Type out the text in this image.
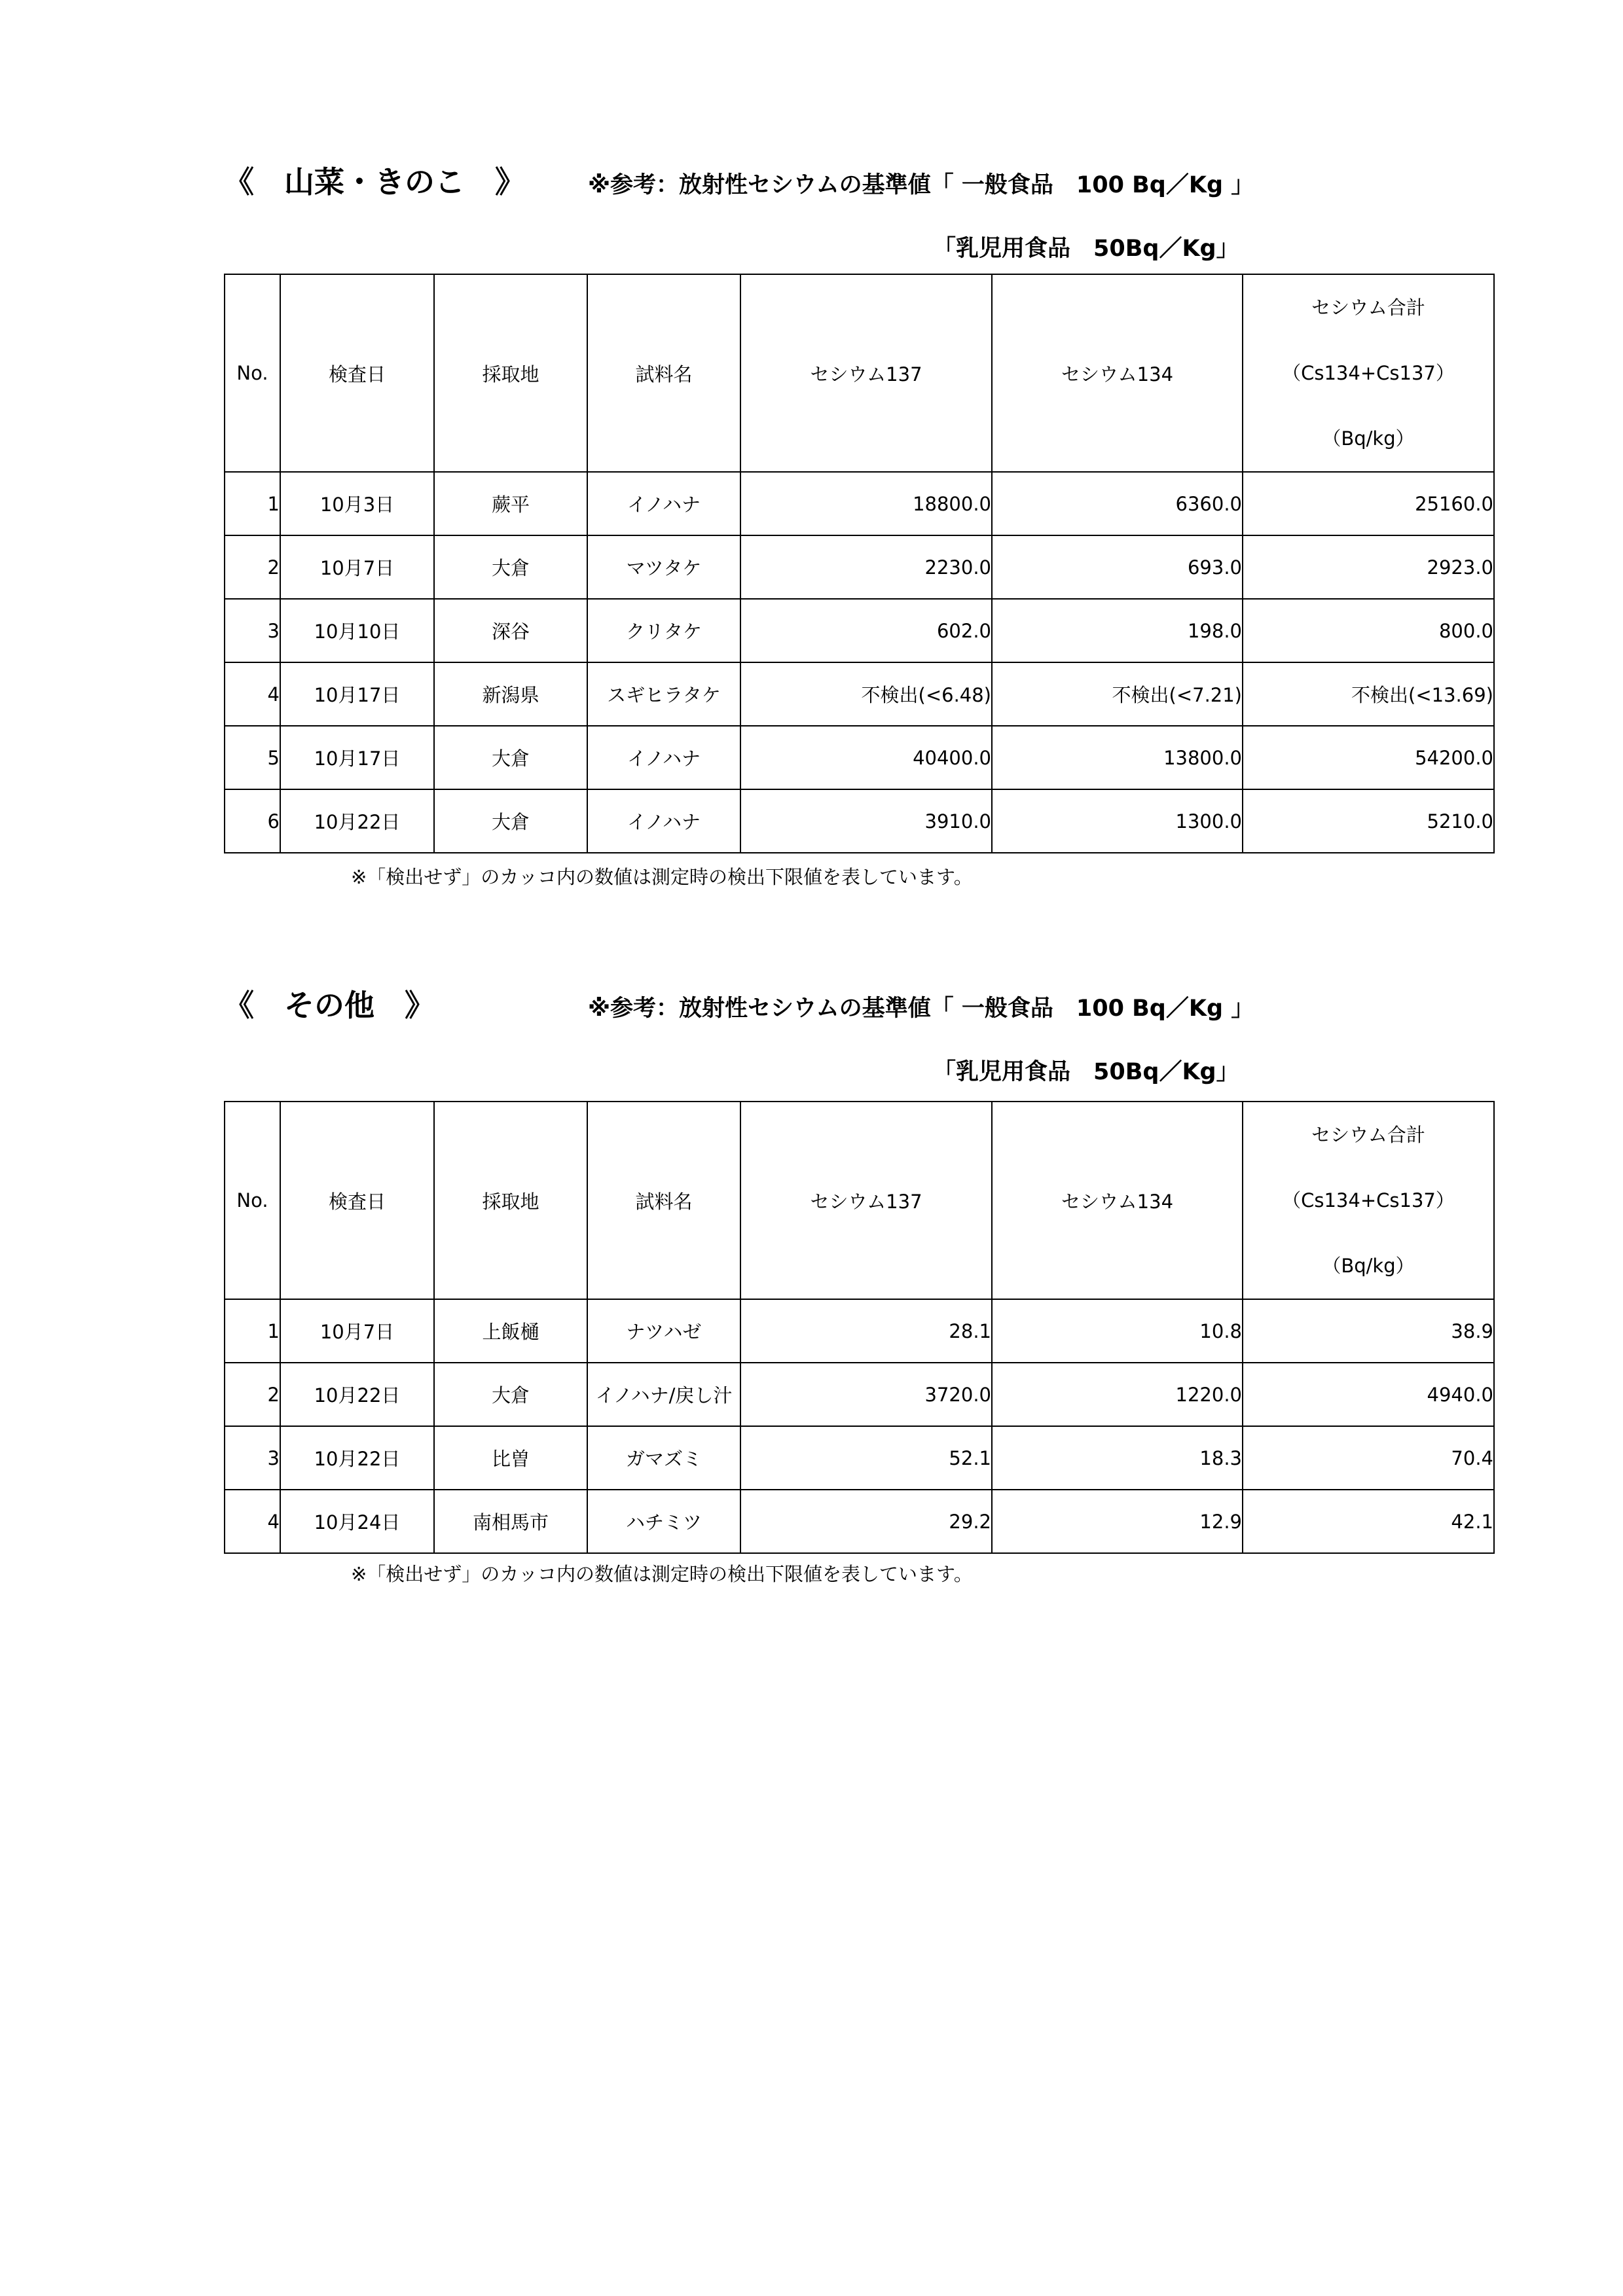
《　山菜・きのこ　》	※参考：放射性セシウムの基準値「 一般食品　100 Bq／Kg 」
「乳児用食品　50Bq／Kg」
No.	検査日	採取地	試料名	セシウム137	セシウム134	セシウム合計
（Cs134+Cs137）
（Bq/kg）

1	10月3日	蕨平	イノハナ	18800.0	6360.0	25160.0
2	10月7日	大倉	マツタケ	2230.0	693.0	2923.0
3	10月10日	深谷	クリタケ	602.0	198.0	800.0
4	10月17日	新潟県	スギヒラタケ	不検出(<6.48)	不検出(<7.21)	不検出(<13.69)
5	10月17日	大倉	イノハナ	40400.0	13800.0	54200.0
6	10月22日	大倉	イノハナ	3910.0	1300.0	5210.0
※「検出せず」のカッコ内の数値は測定時の検出下限値を表しています。
《　その他　》	※参考：放射性セシウムの基準値「 一般食品　100 Bq／Kg 」
「乳児用食品　50Bq／Kg」
No.	検査日	採取地	試料名	セシウム137	セシウム134	セシウム合計
（Cs134+Cs137）
（Bq/kg）

1	10月7日	上飯樋	ナツハゼ	28.1	10.8	38.9
2	10月22日	大倉	イノハナ/戻し汁	3720.0	1220.0	4940.0
3	10月22日	比曽	ガマズミ	52.1	18.3	70.4
4	10月24日	南相馬市	ハチミツ	29.2	12.9	42.1
※「検出せず」のカッコ内の数値は測定時の検出下限値を表しています。
